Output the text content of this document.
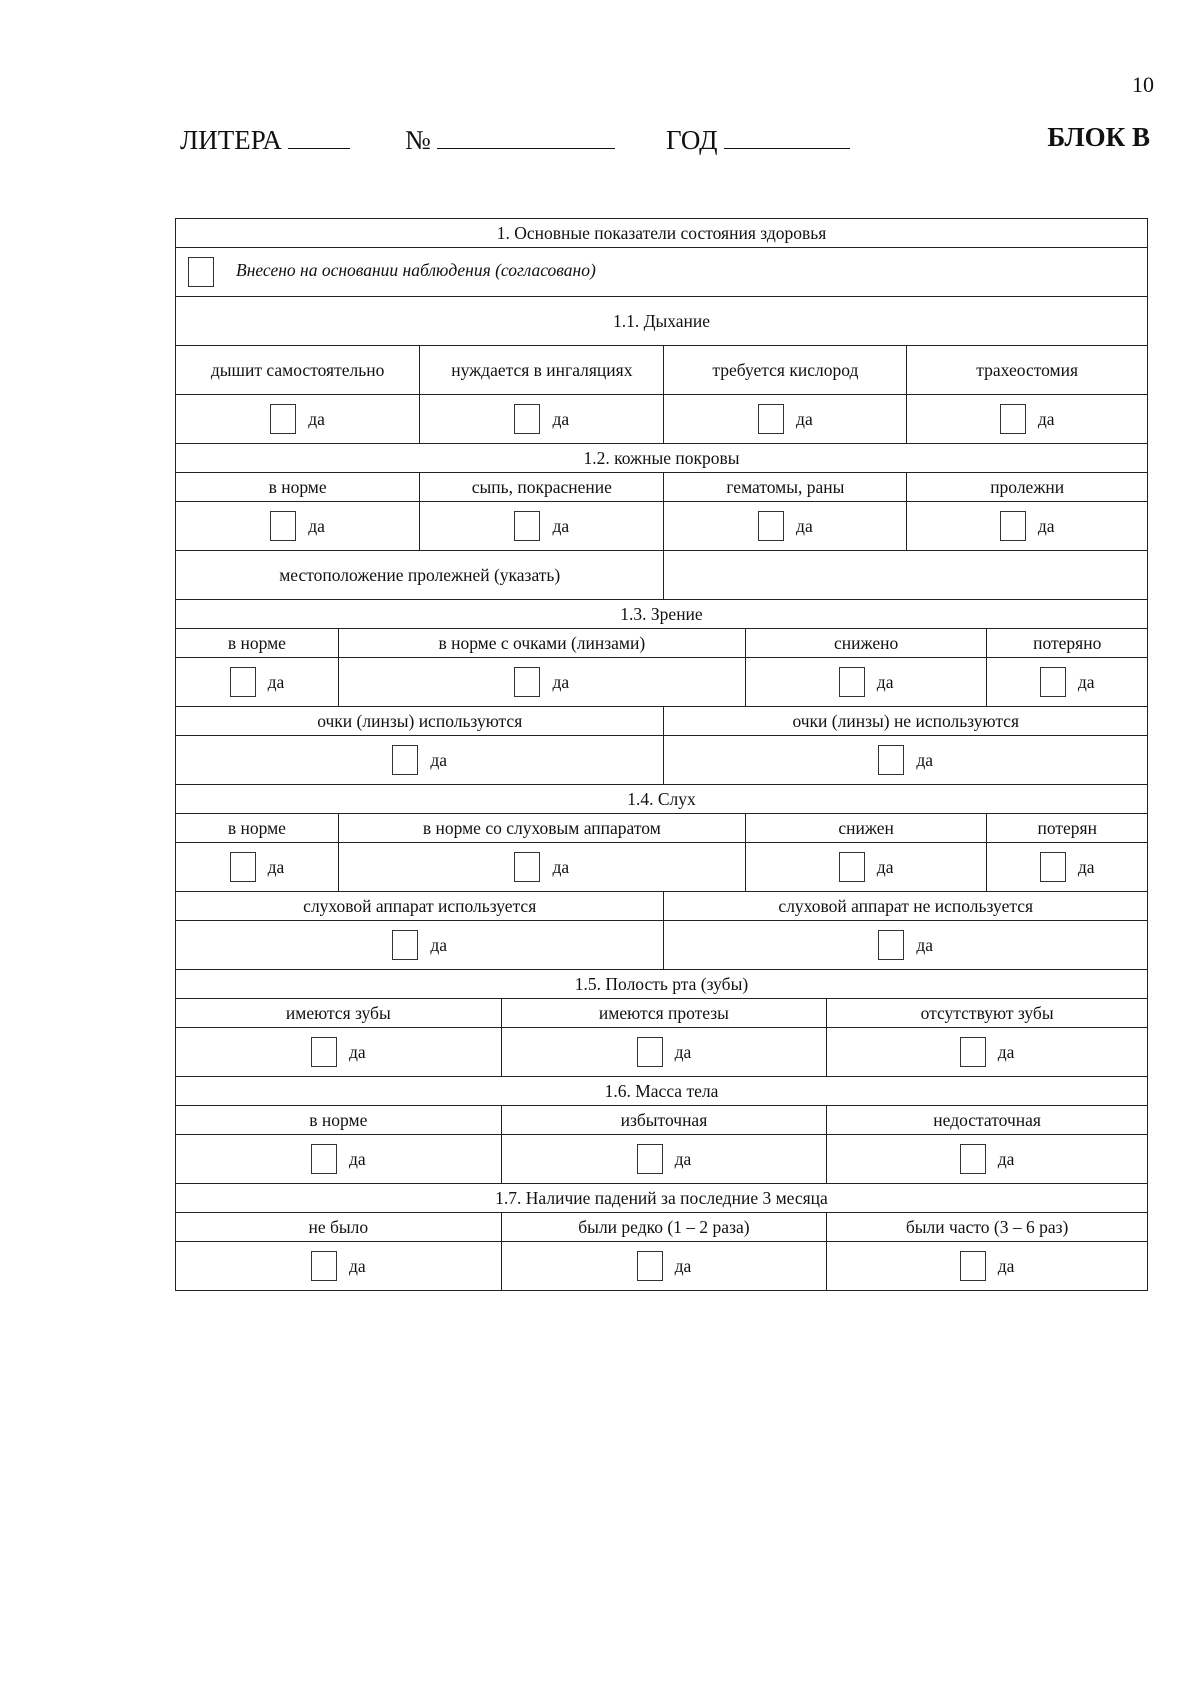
10
ЛИТЕРА	№	ГОД	БЛОК В
1. Основные показатели состояния здоровья								
Внесено на основании наблюдения (согласовано)								
1.1. Дыхание								
дышит самостоятельно		нуждается в ингаляциях		требуется кислород			трахеостомия	
да		да		да			да	
1.2. кожные покровы								
в норме		сыпь, покраснение		гематомы, раны			пролежни	
да		да		да			да	
местоположение пролежней (указать)								
1.3. Зрение								
в норме	в норме с очками (линзами)				снижено			потеряно
да	да				да			да
очки (линзы) используются				очки (линзы) не используются				
да				да				
1.4. Слух								
в норме	в норме со слуховым аппаратом				снижен			потерян
да	да				да			да
слуховой аппарат используется				слуховой аппарат не используется				
да				да				
1.5. Полость рта (зубы)								
имеются зубы			имеются протезы			отсутствуют зубы		
да			да			да		
1.6. Масса тела								
в норме			избыточная			недостаточная		
да			да			да		
1.7. Наличие падений за последние 3 месяца								
не было			были редко (1 – 2 раза)			были часто (3 – 6 раз)		
да			да			да		
